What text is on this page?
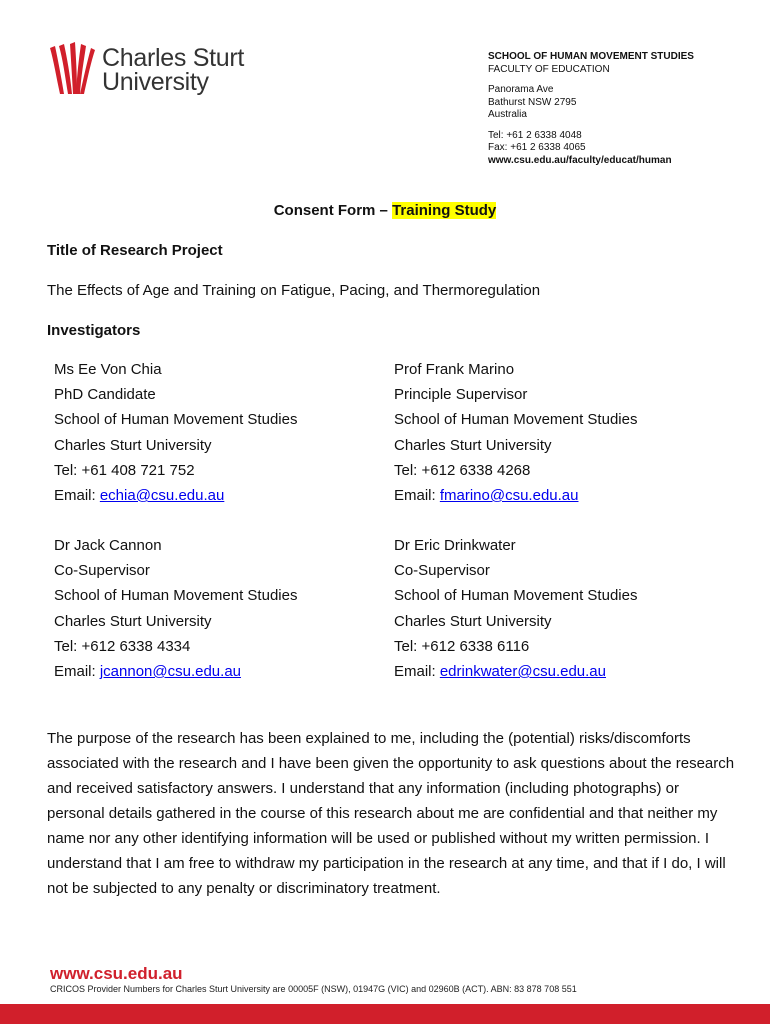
Charles Sturt
University
SCHOOL OF HUMAN MOVEMENT STUDIES
FACULTY OF EDUCATION
Panorama Ave
Bathurst NSW 2795
Australia
Tel: +61 2 6338 4048
Fax: +61 2 6338 4065
www.csu.edu.au/faculty/educat/human
Consent Form – Training Study
Title of Research Project
The Effects of Age and Training on Fatigue, Pacing, and Thermoregulation
Investigators
Ms Ee Von Chia
PhD Candidate
School of Human Movement Studies
Charles Sturt University
Tel: +61 408 721 752
Email: echia@csu.edu.au
Prof Frank Marino
Principle Supervisor
School of Human Movement Studies
Charles Sturt University
Tel: +612 6338 4268
Email: fmarino@csu.edu.au
Dr Jack Cannon
Co-Supervisor
School of Human Movement Studies
Charles Sturt University
Tel: +612 6338 4334
Email: jcannon@csu.edu.au
Dr Eric Drinkwater
Co-Supervisor
School of Human Movement Studies
Charles Sturt University
Tel: +612 6338 6116
Email: edrinkwater@csu.edu.au
The purpose of the research has been explained to me, including the (potential) risks/discomforts associated with the research and I have been given the opportunity to ask questions about the research and received satisfactory answers. I understand that any information (including photographs) or personal details gathered in the course of this research about me are confidential and that neither my name nor any other identifying information will be used or published without my written permission. I understand that I am free to withdraw my participation in the research at any time, and that if I do, I will not be subjected to any penalty or discriminatory treatment.
www.csu.edu.au
CRICOS Provider Numbers for Charles Sturt University are 00005F (NSW), 01947G (VIC) and 02960B (ACT). ABN: 83 878 708 551
